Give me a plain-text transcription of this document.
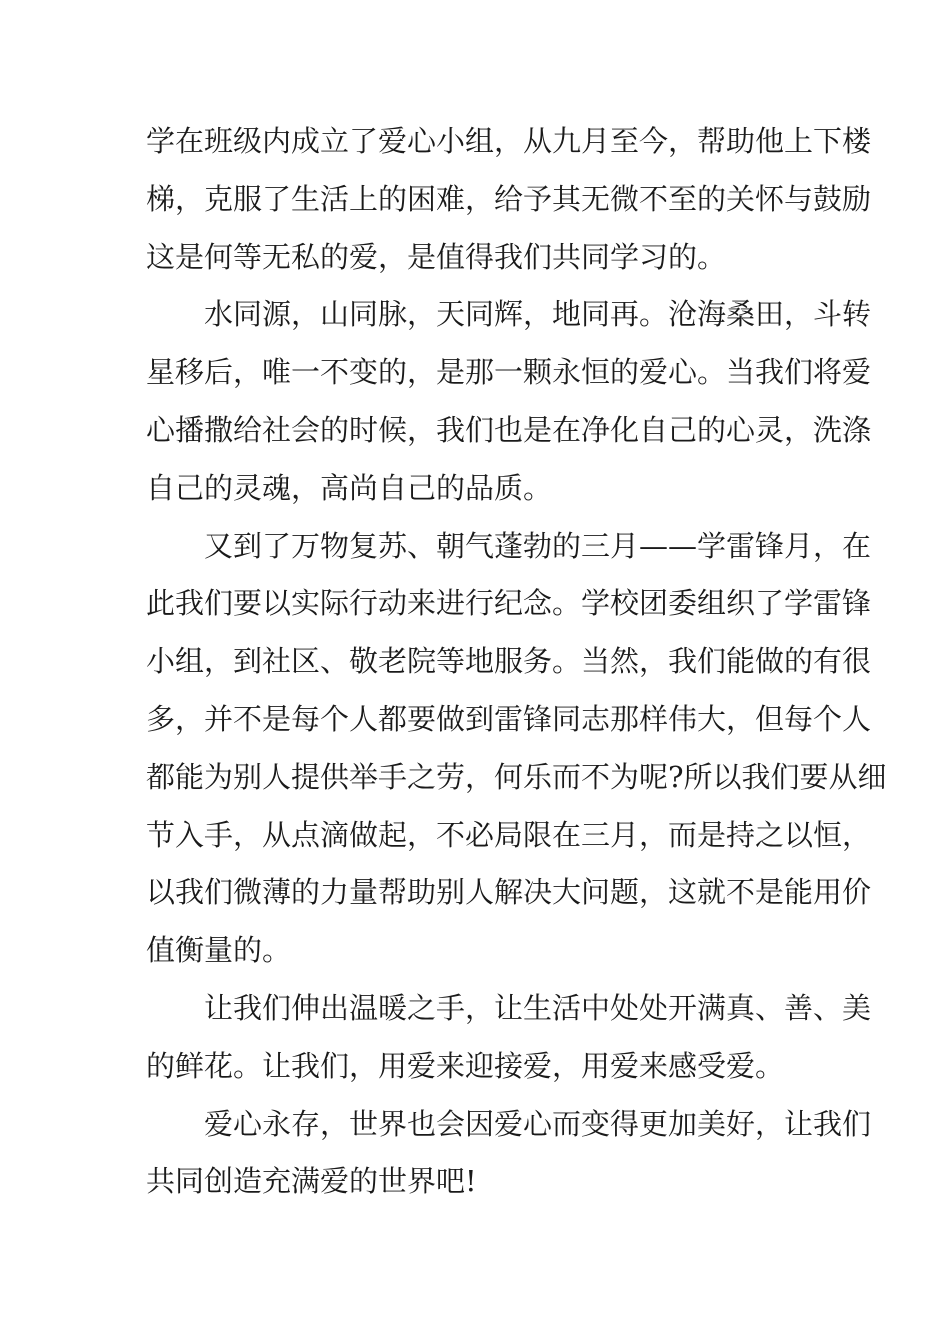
学在班级内成立了爱心小组，从九月至今，帮助他上下楼
梯，克服了生活上的困难，给予其无微不至的关怀与鼓励
这是何等无私的爱，是值得我们共同学习的。
水同源，山同脉，天同辉，地同再。沧海桑田，斗转
星移后，唯一不变的，是那一颗永恒的爱心。当我们将爱
心播撒给社会的时候，我们也是在净化自己的心灵，洗涤
自己的灵魂，高尚自己的品质。
又到了万物复苏、朝气蓬勃的三月——学雷锋月，在
此我们要以实际行动来进行纪念。学校团委组织了学雷锋
小组，到社区、敬老院等地服务。当然，我们能做的有很
多，并不是每个人都要做到雷锋同志那样伟大，但每个人
都能为别人提供举手之劳，何乐而不为呢?所以我们要从细
节入手，从点滴做起，不必局限在三月，而是持之以恒，
以我们微薄的力量帮助别人解决大问题，这就不是能用价
值衡量的。
让我们伸出温暖之手，让生活中处处开满真、善、美
的鲜花。让我们，用爱来迎接爱，用爱来感受爱。
爱心永存，世界也会因爱心而变得更加美好，让我们
共同创造充满爱的世界吧!
